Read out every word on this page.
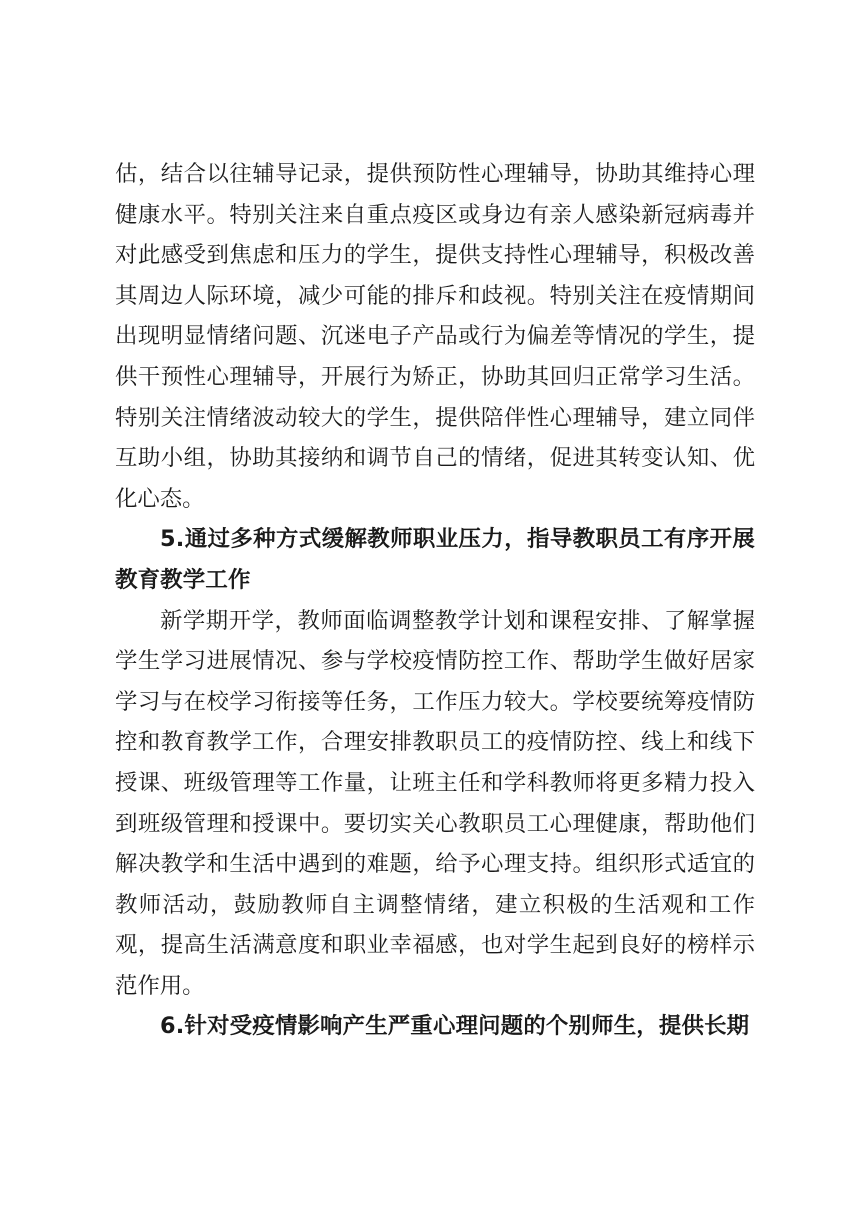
估，结合以往辅导记录，提供预防性心理辅导，协助其维持心理健康水平。特别关注来自重点疫区或身边有亲人感染新冠病毒并对此感受到焦虑和压力的学生，提供支持性心理辅导，积极改善其周边人际环境，减少可能的排斥和歧视。特别关注在疫情期间出现明显情绪问题、沉迷电子产品或行为偏差等情况的学生，提供干预性心理辅导，开展行为矫正，协助其回归正常学习生活。特别关注情绪波动较大的学生，提供陪伴性心理辅导，建立同伴互助小组，协助其接纳和调节自己的情绪，促进其转变认知、优化心态。

5.通过多种方式缓解教师职业压力，指导教职员工有序开展教育教学工作

新学期开学，教师面临调整教学计划和课程安排、了解掌握学生学习进展情况、参与学校疫情防控工作、帮助学生做好居家学习与在校学习衔接等任务，工作压力较大。学校要统筹疫情防控和教育教学工作，合理安排教职员工的疫情防控、线上和线下授课、班级管理等工作量，让班主任和学科教师将更多精力投入到班级管理和授课中。要切实关心教职员工心理健康，帮助他们解决教学和生活中遇到的难题，给予心理支持。组织形式适宜的教师活动，鼓励教师自主调整情绪，建立积极的生活观和工作观，提高生活满意度和职业幸福感，也对学生起到良好的榜样示范作用。

6.针对受疫情影响产生严重心理问题的个别师生，提供长期
